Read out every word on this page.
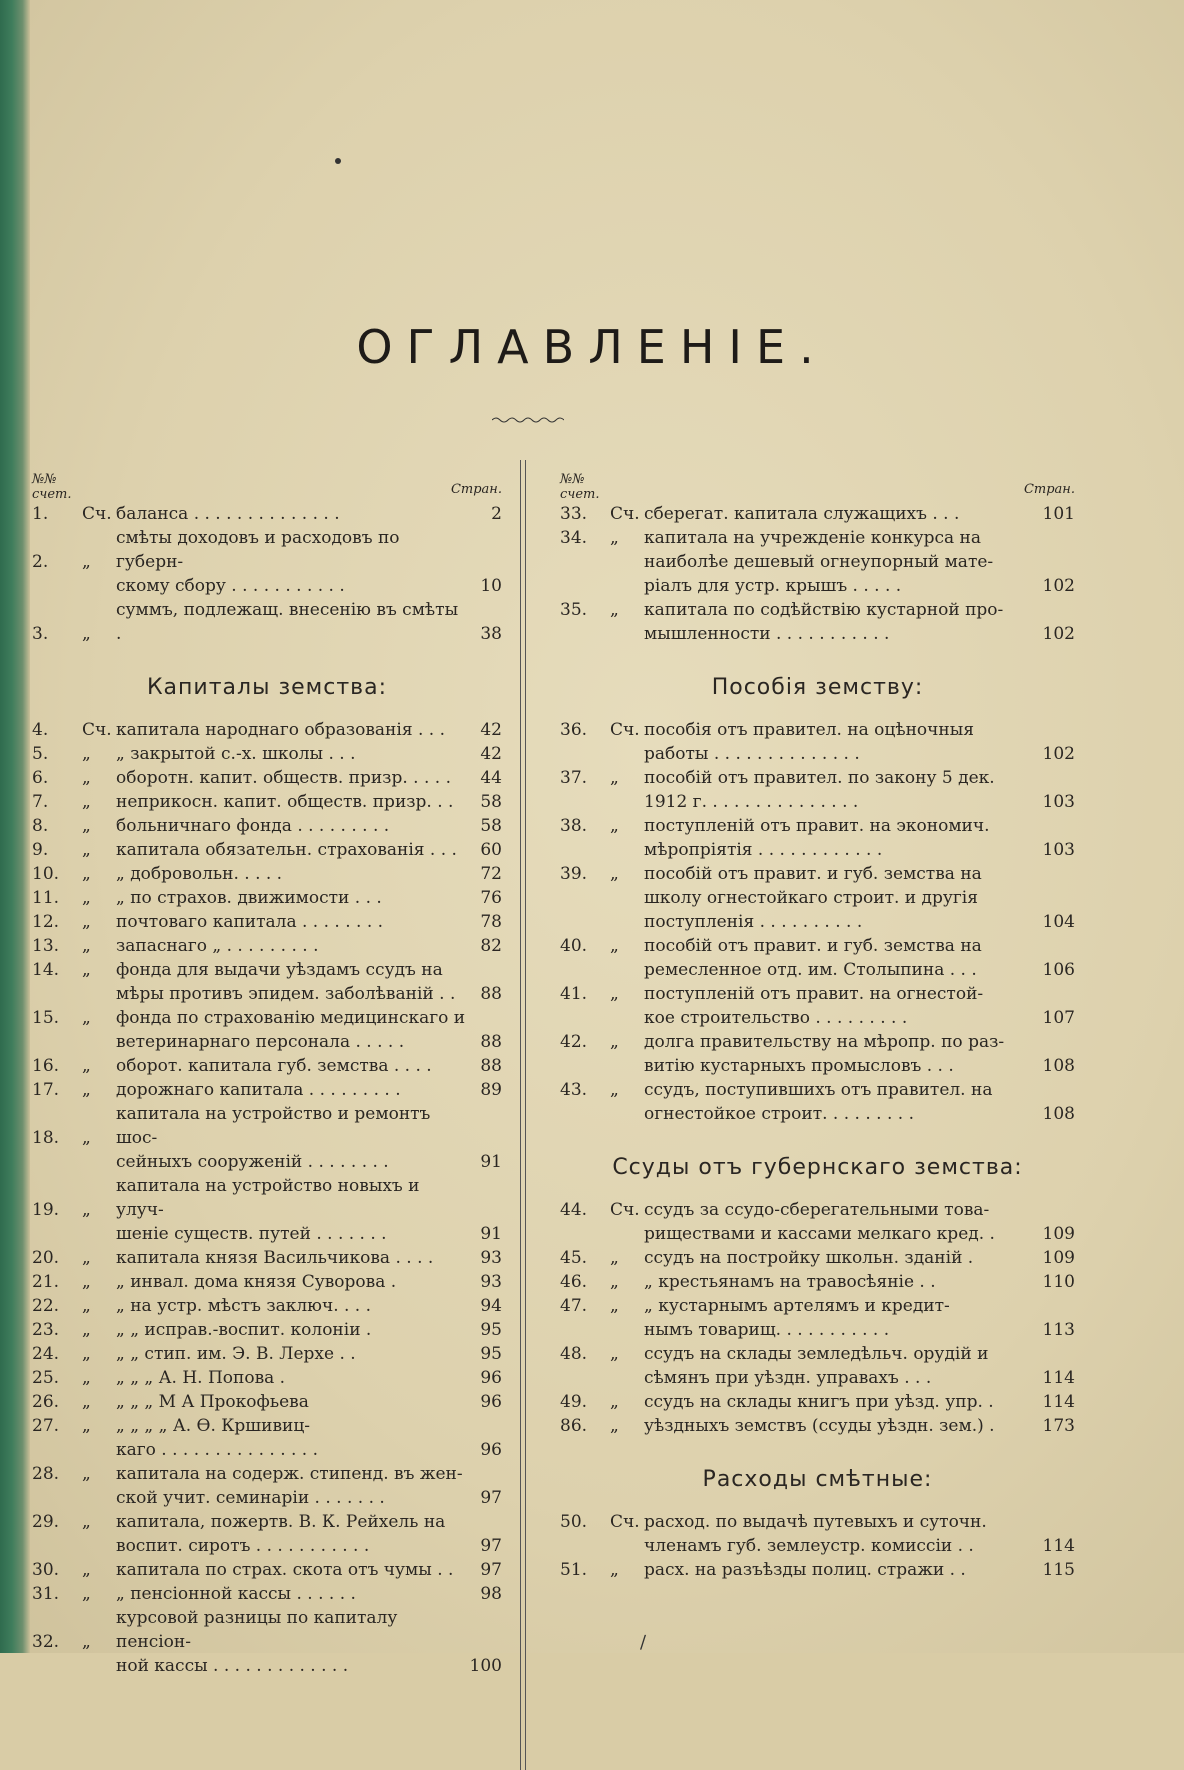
ОГЛАВЛЕНІЕ.
№№ счет.	Стран.
1.	Сч. баланса . . . . . . . . . . . . . .	2
2.	„
смѣты доходовъ и расходовъ по губерн-
скому сбору . . . . . . . . . . .	10
3.	„
суммъ, подлежащ. внесенію въ смѣты .	38
Капиталы земства:
4.	Сч. капитала народнаго образованія . . .	42
5.	„	„ закрытой с.-х. школы . . .	42
6.	„	оборотн. капит. обществ. призр. . . . .	44
7.	„	неприкосн. капит. обществ. призр. . .	58
8.	„	больничнаго фонда . . . . . . . . .	58
9.	„	капитала обязательн. страхованія . . .	60
10.	„	„ добровольн. . . . .	72
11.	„	„ по страхов. движимости . . .	76
12.	„	почтоваго капитала . . . . . . . .	78
13.	„	запаснаго „ . . . . . . . . .	82
14.	„	фонда для выдачи уѣздамъ ссудъ на
мѣры противъ эпидем. заболѣваній . .	88
15.	„	фонда по страхованію медицинскаго и
ветеринарнаго персонала . . . . .	88
16.	„	оборот. капитала губ. земства . . . .	88
17.	„	дорожнаго капитала . . . . . . . . .	89
18.	„
капитала на устройство и ремонтъ шос-
сейныхъ сооруженій . . . . . . . .	91
19.	„
капитала на устройство новыхъ и улуч-
шеніе существ. путей . . . . . . .	91
20.	„	капитала князя Васильчикова . . . .	93
21.	„	„ инвал. дома князя Суворова .	93
22.	„	„ на устр. мѣстъ заключ. . . .	94
23.	„	„ „ исправ.-воспит. колоніи .	95
24.	„	„ „ стип. им. Э. В. Лерхе . .	95
25.	„	„ „ „ А. Н. Попова .	96
26.	„	„ „ „ М А Прокофьева	96
27.	„	„ „ „ „ А. Ѳ. Кршивиц-
каго . . . . . . . . . . . . . . .	96
28.	„	капитала на содерж. стипенд. въ жен-
ской учит. семинаріи . . . . . . .	97
29.	„	капитала, пожертв. В. К. Рейхель на
воспит. сиротъ . . . . . . . . . . .	97
30.	„	капитала по страх. скота отъ чумы . .	97
31.	„	„ пенсіонной кассы . . . . . .	98
32.	„
курсовой разницы по капиталу пенсіон-
ной кассы . . . . . . . . . . . . .	100
№№ счет.	Стран.
33.	Сч. сберегат. капитала служащихъ . . .	101
34.	„	капитала на учрежденіе конкурса на
наиболѣе дешевый огнеупорный мате-
ріалъ для устр. крышъ . . . . .	102
35.	„	капитала по содѣйствію кустарной про-
мышленности . . . . . . . . . . .	102
Пособія земству:
36.	Сч. пособія отъ правител. на оцѣночныя
работы . . . . . . . . . . . . . .	102
37.	„	пособій отъ правител. по закону 5 дек.
1912 г. . . . . . . . . . . . . . .	103
38.	„	поступленій отъ правит. на экономич.
мѣропріятія . . . . . . . . . . . .	103
39.	„	пособій отъ правит. и губ. земства на
школу огнестойкаго строит. и другія
поступленія . . . . . . . . . .	104
40.	„	пособій отъ правит. и губ. земства на
ремесленное отд. им. Столыпина . . .	106
41.	„	поступленій отъ правит. на огнестой-
кое строительство . . . . . . . . .	107
42.	„	долга правительству на мѣропр. по раз-
витію кустарныхъ промысловъ . . .	108
43.	„	ссудъ, поступившихъ отъ правител. на
огнестойкое строит. . . . . . . . .	108
Ссуды отъ губернскаго земства:
44.	Сч. ссудъ за ссудо-сберегательными това-
риществами и кассами мелкаго кред. .	109
45.	„	ссудъ на постройку школьн. зданій .	109
46.	„	„ крестьянамъ на травосѣяніе . .	110
47.	„	„ кустарнымъ артелямъ и кредит-
нымъ товарищ. . . . . . . . . . .	113
48.	„	ссудъ на склады земледѣльч. орудій и
сѣмянъ при уѣздн. управахъ . . .	114
49.	„	ссудъ на склады книгъ при уѣзд. упр. .	114
86.	„	уѣздныхъ земствъ (ссуды уѣздн. зем.) .	173
Расходы смѣтные:
50.	Сч. расход. по выдачѣ путевыхъ и суточн.
членамъ губ. землеустр. комиссіи . .	114
51.	„	расх. на разъѣзды полиц. стражи . .	115
∕
